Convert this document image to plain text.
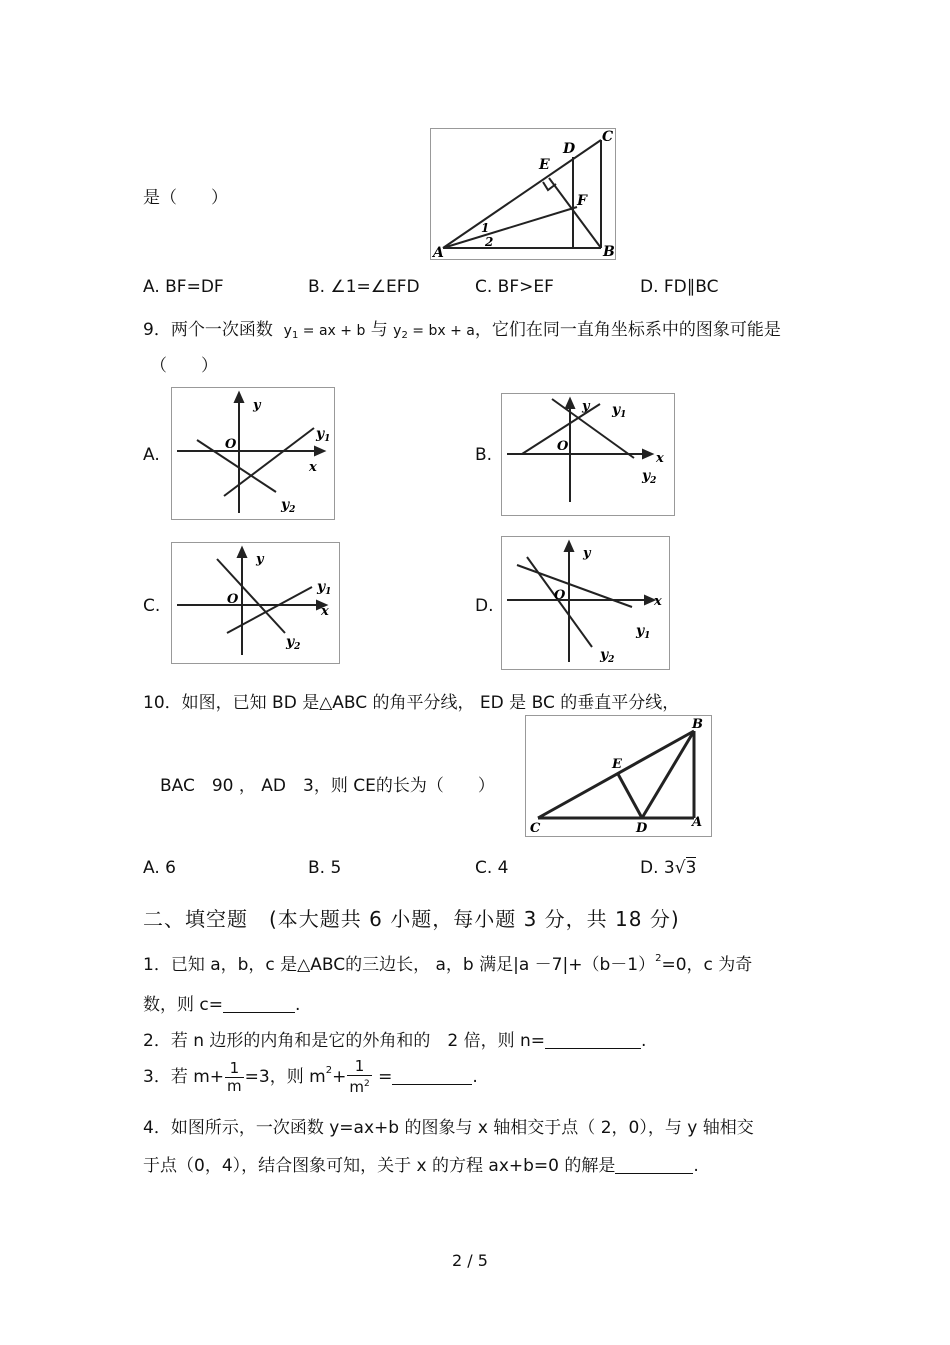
是（　　）
A	B
C
D
E
F
1
2
A. BF=DF	B. ∠1=∠EFD	C. BF>EF	D. FD∥BC
9．两个一次函数 $y_1$ = ax + b 与 $y_2$ = bx + a，它们在同一直角坐标系中的图象可能是
（　　）
A.	B.
C.	D.
y
O
x
$y_1$
$y_2$
y
O
x
$y_1$
$y_2$
y
O
x
$y_1$
$y_2$
y
O	x
$y_1$
$y_2$
10．如图，已知 BD 是△ABC 的角平分线， ED 是 BC 的垂直平分线，
BAC　90 ， AD　3，则 CE的长为（　　）
B
C	D
E
A
A. 6	B. 5	C. 4	D. 3√3
二、填空题　(本大题共 6 小题，每小题 3 分，共 18 分)
1．已知 a，b，c 是△ABC的三边长， a，b 满足$|a -7|+(b-1)^2=0$，c 为奇
数，则 c=	.
2．若 n 边形的内角和是它的外角和的　2 倍，则 n=	.
3．若 $m+ \frac{1}{m} =3$，则 $m^2+ \frac{1}{m^2}$ =	.
4．如图所示，一次函数 y=ax+b 的图象与 x 轴相交于点（ 2，0），与 y 轴相交
于点（0，4），结合图象可知，关于 x 的方程 ax+b=0 的解是	.
2 / 5
